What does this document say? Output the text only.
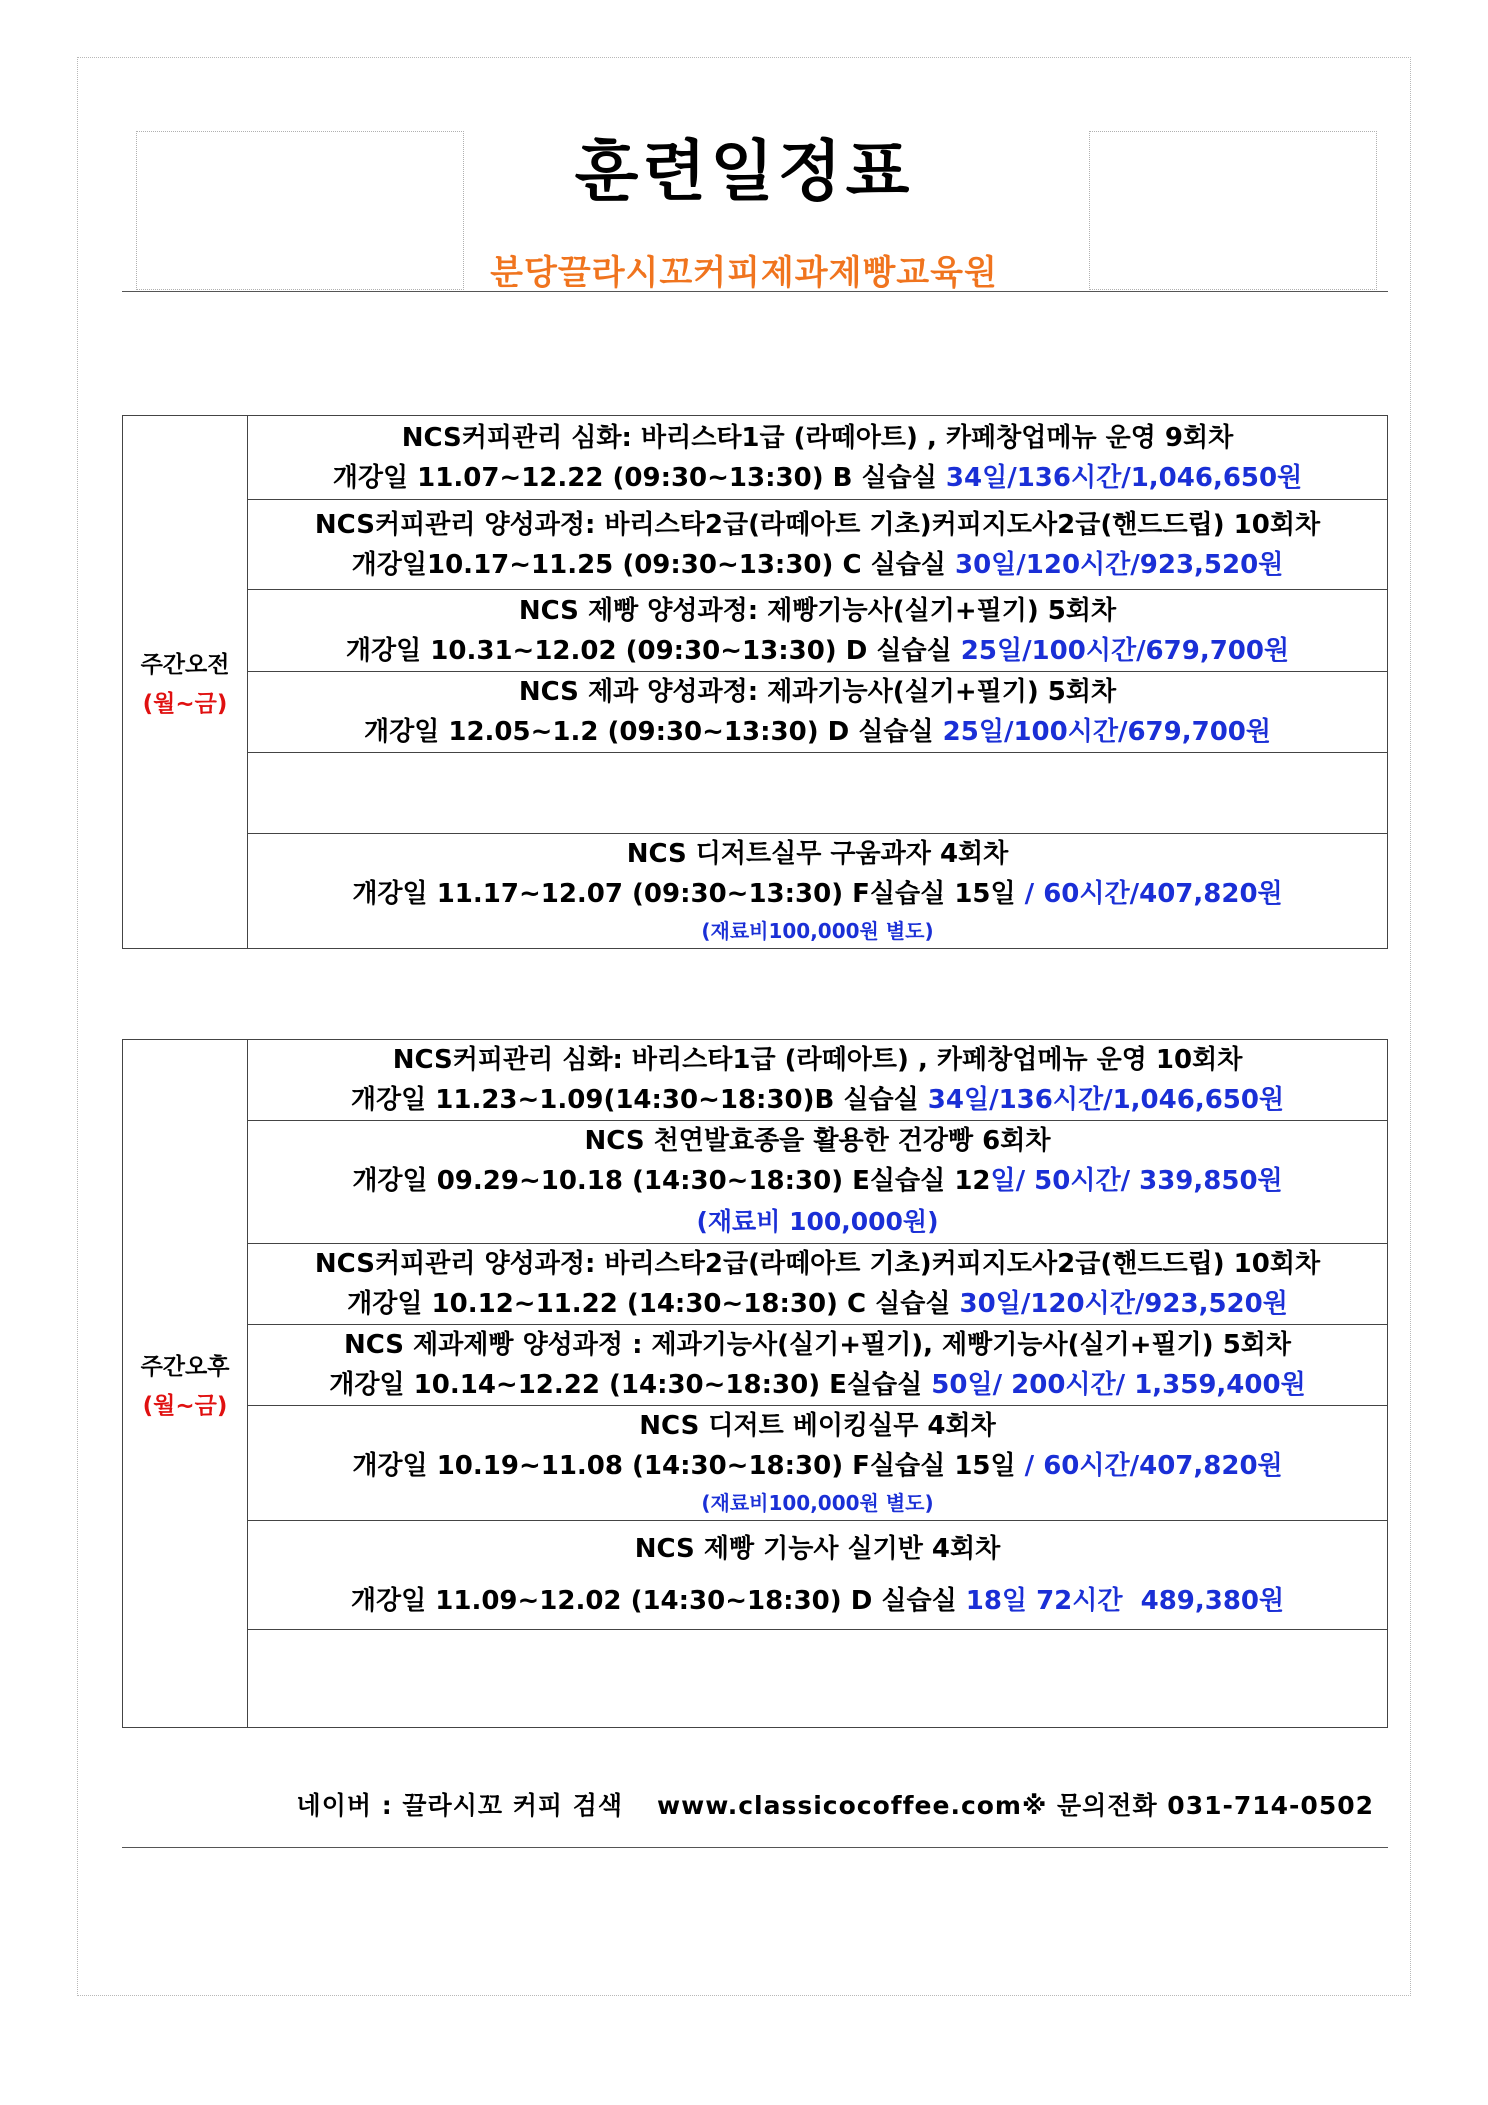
훈련일정표
분당끌라시꼬커피제과제빵교육원
주간오전
(월~금)

NCS커피관리 심화: 바리스타1급 (라떼아트) , 카페창업메뉴 운영 9회차
개강일 11.07~12.22 (09:30~13:30) B 실습실 34일/136시간/1,046,650원

NCS커피관리 양성과정: 바리스타2급(라떼아트 기초)커피지도사2급(핸드드립) 10회차
개강일10.17~11.25 (09:30~13:30) C 실습실 30일/120시간/923,520원

NCS 제빵 양성과정: 제빵기능사(실기+필기) 5회차
개강일 10.31~12.02 (09:30~13:30) D 실습실 25일/100시간/679,700원

NCS 제과 양성과정: 제과기능사(실기+필기) 5회차
개강일 12.05~1.2 (09:30~13:30) D 실습실 25일/100시간/679,700원

NCS 디저트실무 구움과자 4회차
개강일 11.17~12.07 (09:30~13:30) F실습실 15일 / 60시간/407,820원
(재료비100,000원 별도)
주간오후
(월~금)

NCS커피관리 심화: 바리스타1급 (라떼아트) , 카페창업메뉴 운영 10회차
개강일 11.23~1.09(14:30~18:30)B 실습실 34일/136시간/1,046,650원

NCS 천연발효종을 활용한 건강빵 6회차
개강일 09.29~10.18 (14:30~18:30) E실습실 12일/ 50시간/ 339,850원
(재료비 100,000원)

NCS커피관리 양성과정: 바리스타2급(라떼아트 기초)커피지도사2급(핸드드립) 10회차
개강일 10.12~11.22 (14:30~18:30) C 실습실 30일/120시간/923,520원

NCS 제과제빵 양성과정 : 제과기능사(실기+필기), 제빵기능사(실기+필기) 5회차
개강일 10.14~12.22 (14:30~18:30) E실습실 50일/ 200시간/ 1,359,400원

NCS 디저트 베이킹실무 4회차
개강일 10.19~11.08 (14:30~18:30) F실습실 15일 / 60시간/407,820원
(재료비100,000원 별도)

NCS 제빵 기능사 실기반 4회차
개강일 11.09~12.02 (14:30~18:30) D 실습실 18일 72시간  489,380원

네이버 : 끌라시꼬 커피 검색 www.classicocoffee.com※ 문의전화 031-714-0502
